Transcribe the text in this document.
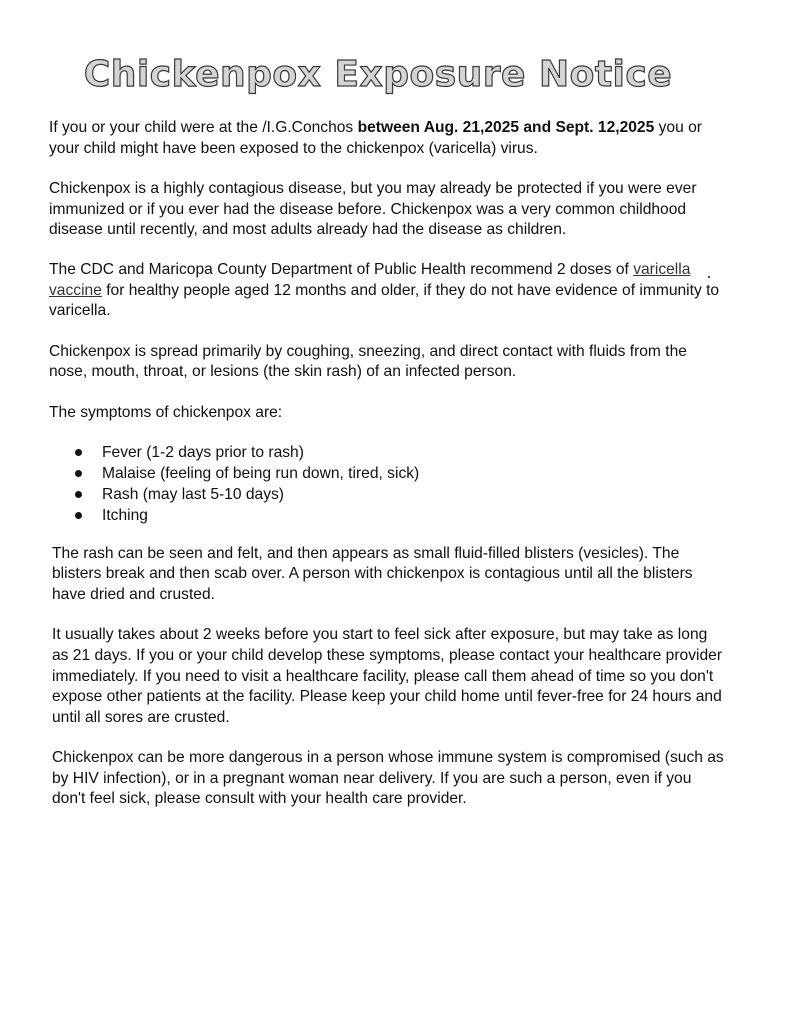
Chickenpox Exposure Notice

If you or your child were at the /I.G.Conchos between Aug. 21,2025 and Sept. 12,2025 you or your child might have been exposed to the chickenpox (varicella) virus.

Chickenpox is a highly contagious disease, but you may already be protected if you were ever immunized or if you ever had the disease before. Chickenpox was a very common childhood disease until recently, and most adults already had the disease as children.

The CDC and Maricopa County Department of Public Health recommend 2 doses of varicella vaccine for healthy people aged 12 months and older, if they do not have evidence of immunity to varicella.

Chickenpox is spread primarily by coughing, sneezing, and direct contact with fluids from the nose, mouth, throat, or lesions (the skin rash) of an infected person.

The symptoms of chickenpox are:

Fever (1-2 days prior to rash)
Malaise (feeling of being run down, tired, sick)
Rash (may last 5-10 days)
Itching

The rash can be seen and felt, and then appears as small fluid-filled blisters (vesicles). The blisters break and then scab over. A person with chickenpox is contagious until all the blisters have dried and crusted.

It usually takes about 2 weeks before you start to feel sick after exposure, but may take as long as 21 days. If you or your child develop these symptoms, please contact your healthcare provider immediately. If you need to visit a healthcare facility, please call them ahead of time so you don't expose other patients at the facility. Please keep your child home until fever-free for 24 hours and until all sores are crusted.

Chickenpox can be more dangerous in a person whose immune system is compromised (such as by HIV infection), or in a pregnant woman near delivery. If you are such a person, even if you don't feel sick, please consult with your health care provider.
